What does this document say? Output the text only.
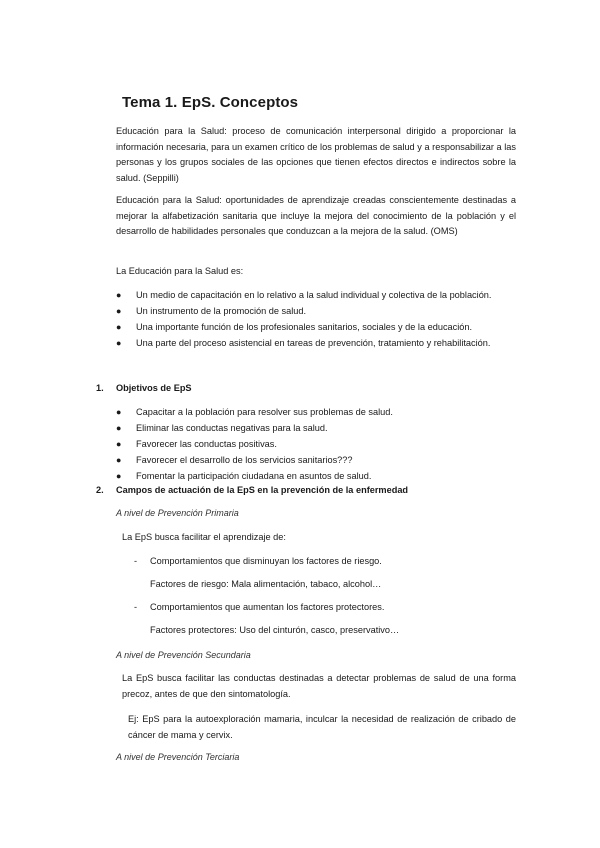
Tema 1. EpS. Conceptos
Educación para la Salud: proceso de comunicación interpersonal dirigido a proporcionar la información necesaria, para un examen crítico de los problemas de salud y a responsabilizar a las personas y los grupos sociales de las opciones que tienen efectos directos e indirectos sobre la salud. (Seppilli)
Educación para la Salud: oportunidades de aprendizaje creadas conscientemente destinadas a mejorar la alfabetización sanitaria que incluye la mejora del conocimiento de la población y el desarrollo de habilidades personales que conduzcan a la mejora de la salud. (OMS)
La Educación para la Salud es:
● Un medio de capacitación en lo relativo a la salud individual y colectiva de la población.
● Un instrumento de la promoción de salud.
● Una importante función de los profesionales sanitarios, sociales y de la educación.
● Una parte del proceso asistencial en tareas de prevención, tratamiento y rehabilitación.
1. Objetivos de EpS
● Capacitar a la población para resolver sus problemas de salud.
● Eliminar las conductas negativas para la salud.
● Favorecer las conductas positivas.
● Favorecer el desarrollo de los servicios sanitarios???
● Fomentar la participación ciudadana en asuntos de salud.
2. Campos de actuación de la EpS en la prevención de la enfermedad
A nivel de Prevención Primaria
La EpS busca facilitar el aprendizaje de:
- Comportamientos que disminuyan los factores de riesgo.
Factores de riesgo: Mala alimentación, tabaco, alcohol…
- Comportamientos que aumentan los factores protectores.
Factores protectores: Uso del cinturón, casco, preservativo…
A nivel de Prevención Secundaria
La EpS busca facilitar las conductas destinadas a detectar problemas de salud de una forma precoz, antes de que den sintomatología.
Ej: EpS para la autoexploración mamaria, inculcar la necesidad de realización de cribado de cáncer de mama y cervix.
A nivel de Prevención Terciaria
